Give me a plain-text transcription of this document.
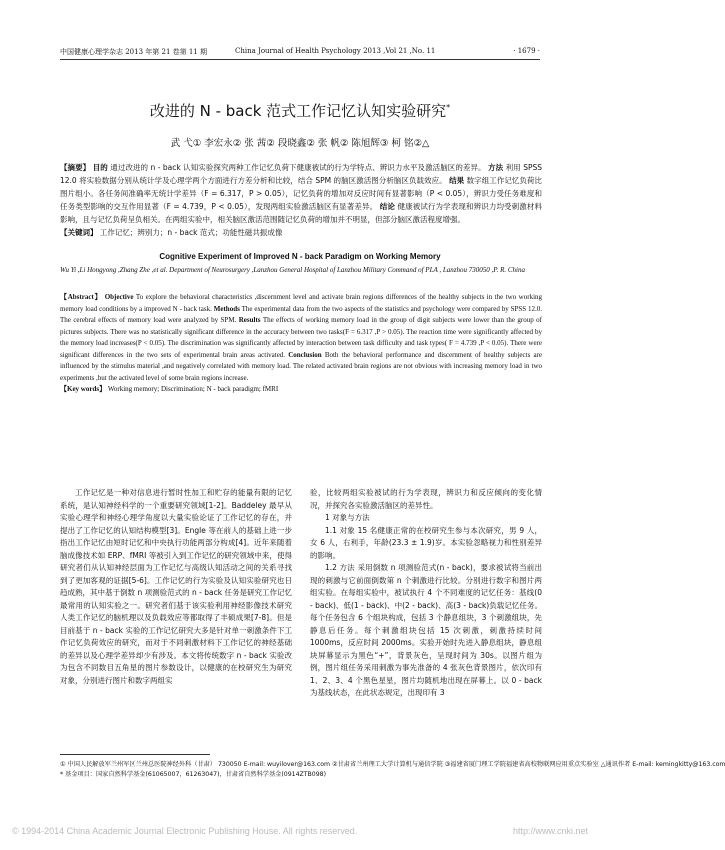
中国健康心理学杂志 2013 年第 21 卷第 11 期	China Journal of Health Psychology 2013 ,Vol 21 ,No. 11	· 1679 ·
改进的 N - back 范式工作记忆认知实验研究*
武 弋① 李宏永② 张 茜② 段晓鑫② 张 帆② 陈旭辉③ 柯 铭②△
【摘要】 目的 通过改进的 n - back 认知实验探究两种工作记忆负荷下健康被试的行为学特点、辨识力水平及激活脑区的差异。 方法 利用 SPSS 12.0 将实验数据分别从统计学及心理学两个方面进行方差分析和比较，结合 SPM 的脑区激活图分析脑区负载效应。 结果 数字组工作记忆负荷比图片组小。各任务间准确率无统计学差异（F = 6.317，P > 0.05），记忆负荷的增加对反应时间有显著影响（P < 0.05），辨识力受任务难度和任务类型影响的交互作用显著（F = 4.739，P < 0.05），发现两组实验激活脑区有显著差异。 结论 健康被试行为学表现和辨识力均受刺激材料影响，且与记忆负荷呈负相关。在两组实验中，相关脑区激活范围随记忆负荷的增加并不明显，但部分脑区激活程度增强。
【关键词】 工作记忆；辨别力；n - back 范式；功能性磁共振成像
Cognitive Experiment of Improved N - back Paradigm on Working Memory
Wu Yi ,Li Hongyong ,Zhang Zhe ,et al. Department of Neurosurgery ,Lanzhou General Hospital of Lanzhou Military Command of PLA , Lanzhou 730050 ,P. R. China

【Abstract】 Objective To explore the behavioral characteristics ,discernment level and activate brain regions differences of the healthy subjects in the two working memory load conditions by a improved N - back task. Methods The experimental data from the two aspects of the statistics and psychology were compared by SPSS 12.0. The cerebral effects of memory load were analyzed by SPM. Results The effects of working memory load in the group of digit subjects were lower than the group of pictures subjects. There was no statistically significant difference in the accuracy between two tasks(F = 6.317 ,P > 0.05). The reaction time were significantly affected by the memory load increases(P < 0.05). The discrimination was significantly affected by interaction between task difficulty and task types( F = 4.739 ,P < 0.05). There were significant differences in the two sets of experimental brain areas activated. Conclusion Both the behavioral performance and discernment of healthy subjects are influenced by the stimulus material ,and negatively correlated with memory load. The related activated brain regions are not obvious with increasing memory load in two experiments ,but the activated level of some brain regions increase.

【Key words】 Working memory; Discrimination; N - back paradigm; fMRI

工作记忆是一种对信息进行暂时性加工和贮存的能量有限的记忆系统，是认知神经科学的一个重要研究领域[1-2]。Baddeley 最早从实验心理学和神经心理学角度以大量实验论证了工作记忆的存在，并提出了工作记忆的认知结构模型[3]。Engle 等在前人的基础上进一步指出工作记忆由短时记忆和中央执行功能两部分构成[4]。近年来随着脑成像技术如 ERP、fMRI 等被引入到工作记忆的研究领域中来，使得研究者们从认知神经层面为工作记忆与高级认知活动之间的关系寻找到了更加客观的证据[5-6]。工作记忆的行为实验及认知实验研究也日趋成熟，其中基于倒数 n 项测验范式的 n - back 任务是研究工作记忆最常用的认知实验之一。研究者们基于该实验利用神经影像技术研究人类工作记忆的脑机理以及负载效应等都取得了丰硕成果[7-8]。但是目前基于 n - back 实验的工作记忆研究大多是针对单一刺激条件下工作记忆负荷效应的研究，而对于不同刺激材料下工作记忆的神经基础的差异以及心理学差异却少有涉及。本文将传统数字 n - back 实验改为包含不同数目五角星的图片参数设计，以健康的在校研究生为研究对象，分别进行图片和数字两组实

验，比较两组实验被试的行为学表现，辨识力和反应倾向的变化情况，并探究各实验激活脑区的差异性。

1 对象与方法

1.1 对象 15 名健康正常的在校研究生参与本次研究，男 9 人，女 6 人，右利手，年龄(23.3 ± 1.9)岁。本实验忽略视力和性别差异的影响。

1.2 方法 采用倒数 n 项测验范式(n - back)，要求被试将当前出现的刺激与它前面倒数第 n 个刺激进行比较。分别进行数字和图片两组实验。在每组实验中，被试执行 4 个不同难度的记忆任务：基线(0 - back)、低(1 - back)、中(2 - back)、高(3 - back)负载记忆任务。每个任务包含 6 个组块构成，包括 3 个静息组块，3 个刺激组块，先静息后任务。每个刺激组块包括 15 次刺激，刺激持续时间 1000ms，反应时间 2000ms。实验开始时先进入静息组块，静息组块屏幕显示为黑色“+”，背景灰色，呈现时间为 30s。以图片组为例，图片组任务采用刺激为事先准备的 4 张灰色背景图片，依次印有 1、2、3、4 个黑色星星，图片均随机地出现在屏幕上。以 0 - back 为基线状态，在此状态规定，出现印有 3

① 中国人民解放军兰州军区兰州总医院神经外科（甘肃） 730050 E-mail: wuyilover@163.com ②甘肃省兰州理工大学计算机与通信学院 ③福建省厦门理工学院福建省高校物联网应用重点实验室 △通讯作者 E-mail: kemingkitty@163.com
* 基金项目：国家自然科学基金(61065007，61263047)，甘肃省自然科学基金(0914ZTB098)
© 1994-2014 China Academic Journal Electronic Publishing House. All rights reserved.	http://www.cnki.net
